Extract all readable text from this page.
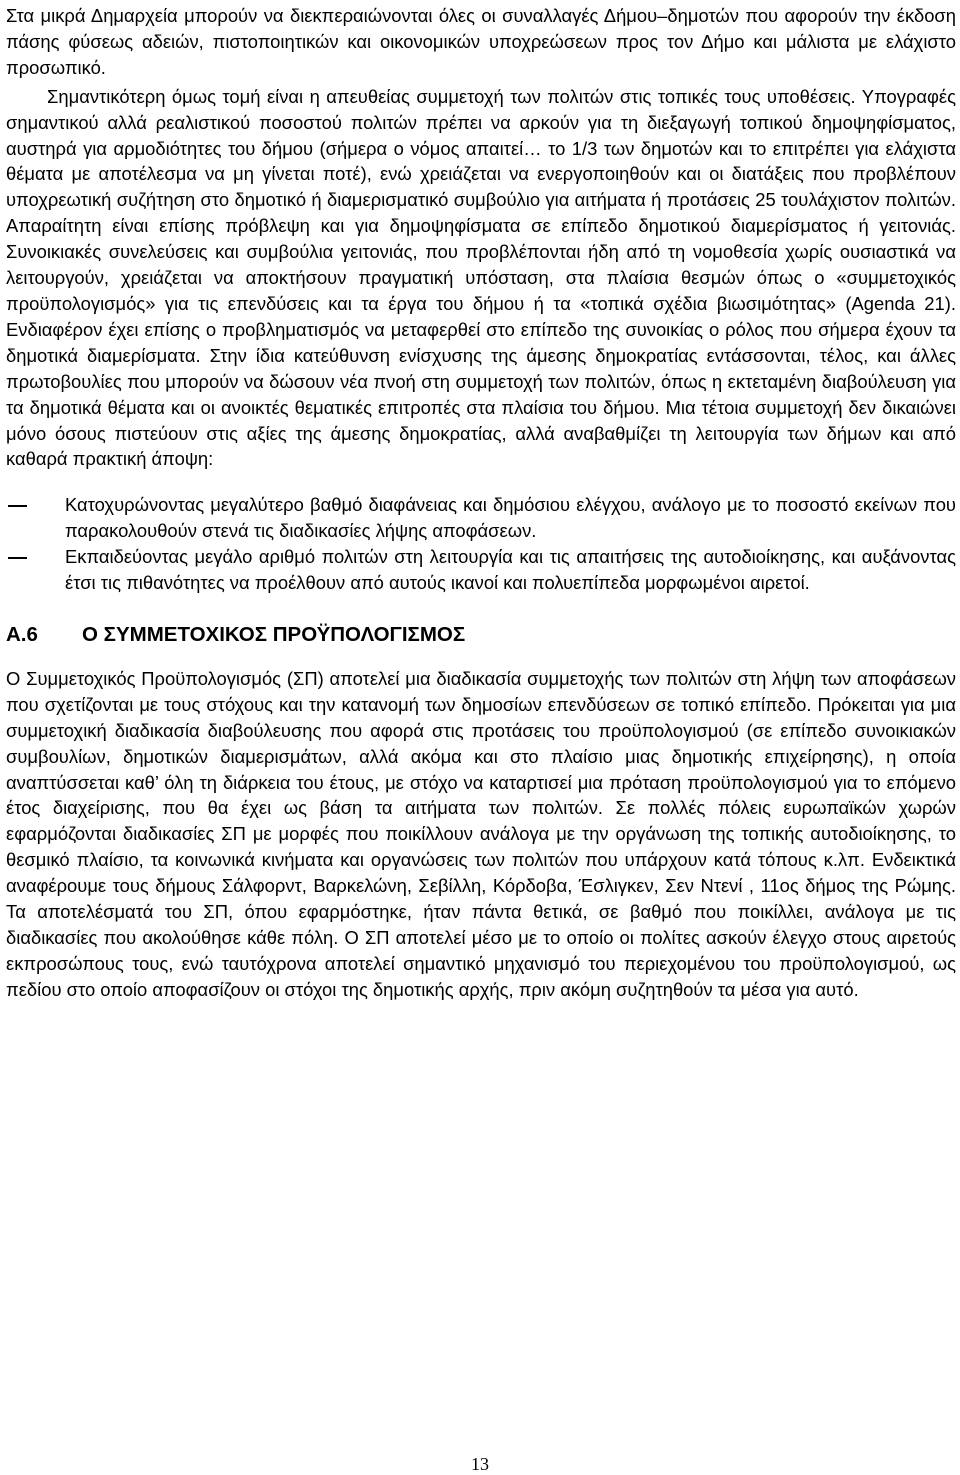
Στα μικρά Δημαρχεία μπορούν να διεκπεραιώνονται όλες οι συναλλαγές Δήμου–δημοτών που αφορούν την έκδοση πάσης φύσεως αδειών, πιστοποιητικών και οικονομικών υποχρεώσεων προς τον Δήμο και μάλιστα με ελάχιστο προσωπικό.

Σημαντικότερη όμως τομή είναι η απευθείας συμμετοχή των πολιτών στις τοπικές τους υποθέσεις. Υπογραφές σημαντικού αλλά ρεαλιστικού ποσοστού πολιτών πρέπει να αρκούν για τη διεξαγωγή τοπικού δημοψηφίσματος, αυστηρά για αρμοδιότητες του δήμου (σήμερα ο νόμος απαιτεί… το 1/3 των δημοτών και το επιτρέπει για ελάχιστα θέματα με αποτέλεσμα να μη γίνεται ποτέ), ενώ χρειάζεται να ενεργοποιηθούν και οι διατάξεις που προβλέπουν υποχρεωτική συζήτηση στο δημοτικό ή διαμερισματικό συμβούλιο για αιτήματα ή προτάσεις 25 τουλάχιστον πολιτών. Απαραίτητη είναι επίσης πρόβλεψη και για δημοψηφίσματα σε επίπεδο δημοτικού διαμερίσματος ή γειτονιάς. Συνοικιακές συνελεύσεις και συμβούλια γειτονιάς, που προβλέπονται ήδη από τη νομοθεσία χωρίς ουσιαστικά να λειτουργούν, χρειάζεται να αποκτήσουν πραγματική υπόσταση, στα πλαίσια θεσμών όπως ο «συμμετοχικός προϋπολογισμός» για τις επενδύσεις και τα έργα του δήμου ή τα «τοπικά σχέδια βιωσιμότητας» (Agenda 21). Ενδιαφέρον έχει επίσης ο προβληματισμός να μεταφερθεί στο επίπεδο της συνοικίας ο ρόλος που σήμερα έχουν τα δημοτικά διαμερίσματα. Στην ίδια κατεύθυνση ενίσχυσης της άμεσης δημοκρατίας εντάσσονται, τέλος, και άλλες πρωτοβουλίες που μπορούν να δώσουν νέα πνοή στη συμμετοχή των πολιτών, όπως η εκτεταμένη διαβούλευση για τα δημοτικά θέματα και οι ανοικτές θεματικές επιτροπές στα πλαίσια του δήμου. Μια τέτοια συμμετοχή δεν δικαιώνει μόνο όσους πιστεύουν στις αξίες της άμεσης δημοκρατίας, αλλά αναβαθμίζει τη λειτουργία των δήμων και από καθαρά πρακτική άποψη:

Κατοχυρώνοντας μεγαλύτερο βαθμό διαφάνειας και δημόσιου ελέγχου, ανάλογο με το ποσοστό εκείνων που παρακολουθούν στενά τις διαδικασίες λήψης αποφάσεων.
Εκπαιδεύοντας μεγάλο αριθμό πολιτών στη λειτουργία και τις απαιτήσεις της αυτοδιοίκησης, και αυξάνοντας έτσι τις πιθανότητες να προέλθουν από αυτούς ικανοί και πολυεπίπεδα μορφωμένοι αιρετοί.
A.6	Ο ΣΥΜΜΕΤΟΧΙΚΟΣ ΠΡΟΫΠΟΛΟΓΙΣΜΟΣ

Ο Συμμετοχικός Προϋπολογισμός (ΣΠ) αποτελεί μια διαδικασία συμμετοχής των πολιτών στη λήψη των αποφάσεων που σχετίζονται με τους στόχους και την κατανομή των δημοσίων επενδύσεων σε τοπικό επίπεδο. Πρόκειται για μια συμμετοχική διαδικασία διαβούλευσης που αφορά στις προτάσεις του προϋπολογισμού (σε επίπεδο συνοικιακών συμβουλίων, δημοτικών διαμερισμάτων, αλλά ακόμα και στο πλαίσιο μιας δημοτικής επιχείρησης), η οποία αναπτύσσεται καθ’ όλη τη διάρκεια του έτους, με στόχο να καταρτισεί μια πρόταση προϋπολογισμού για το επόμενο έτος διαχείρισης, που θα έχει ως βάση τα αιτήματα των πολιτών. Σε πολλές πόλεις ευρωπαϊκών χωρών εφαρμόζονται διαδικασίες ΣΠ με μορφές που ποικίλλουν ανάλογα με την οργάνωση της τοπικής αυτοδιοίκησης, το θεσμικό πλαίσιο, τα κοινωνικά κινήματα και οργανώσεις των πολιτών που υπάρχουν κατά τόπους κ.λπ. Ενδεικτικά αναφέρουμε τους δήμους Σάλφορντ, Βαρκελώνη, Σεβίλλη, Κόρδοβα, Έσλιγκεν, Σεν Ντενί , 11ος δήμος της Ρώμης. Τα αποτελέσματά του ΣΠ, όπου εφαρμόστηκε, ήταν πάντα θετικά, σε βαθμό που ποικίλλει, ανάλογα με τις διαδικασίες που ακολούθησε κάθε πόλη. Ο ΣΠ αποτελεί μέσο με το οποίο οι πολίτες ασκούν έλεγχο στους αιρετούς εκπροσώπους τους, ενώ ταυτόχρονα αποτελεί σημαντικό μηχανισμό του περιεχομένου του προϋπολογισμού, ως πεδίου στο οποίο αποφασίζουν οι στόχοι της δημοτικής αρχής, πριν ακόμη συζητηθούν τα μέσα για αυτό.

13
